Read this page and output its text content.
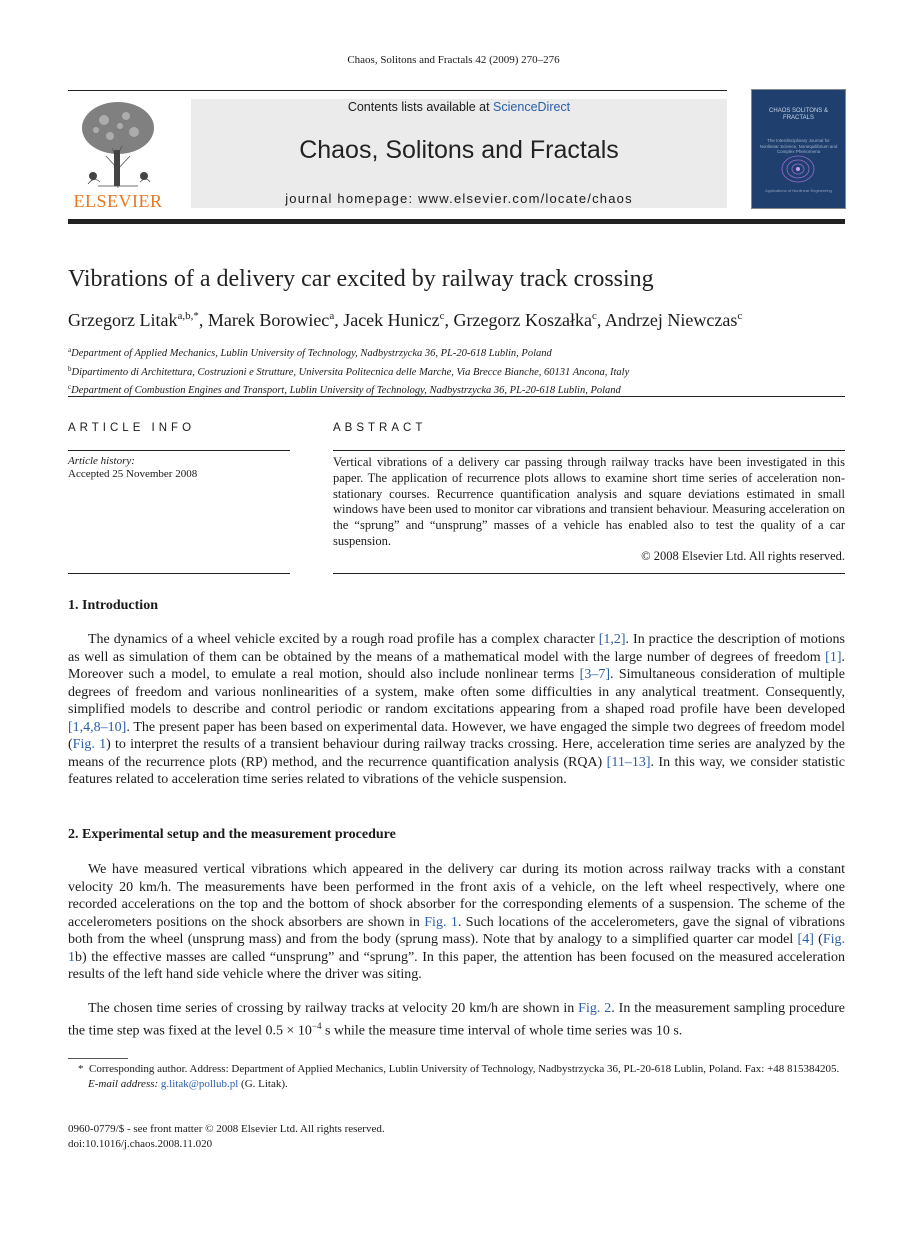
Chaos, Solitons and Fractals 42 (2009) 270–276
ELSEVIER
Contents lists available at ScienceDirect
Chaos, Solitons and Fractals
journal homepage: www.elsevier.com/locate/chaos
CHAOS SOLITONS & FRACTALS
The Interdisciplinary Journal for Nonlinear Science, Nonequilibrium and Complex Phenomena
Applications of Nonlinear Engineering
Vibrations of a delivery car excited by railway track crossing
Grzegorz Litak$^{a,b,*}$, Marek Borowiec$^a$, Jacek Hunicz$^c$, Grzegorz Koszałka$^c$, Andrzej Niewczas$^c$
$^a$Department of Applied Mechanics, Lublin University of Technology, Nadbystrzycka 36, PL-20-618 Lublin, Poland
$^b$Dipartimento di Architettura, Costruzioni e Strutture, Universita Politecnica delle Marche, Via Brecce Bianche, 60131 Ancona, Italy
$^c$Department of Combustion Engines and Transport, Lublin University of Technology, Nadbystrzycka 36, PL-20-618 Lublin, Poland
ARTICLE INFO
Article history:
Accepted 25 November 2008
ABSTRACT
Vertical vibrations of a delivery car passing through railway tracks have been investigated in this paper. The application of recurrence plots allows to examine short time series of acceleration non-stationary courses. Recurrence quantification analysis and square deviations estimated in small windows have been used to monitor car vibrations and transient behaviour. Measuring acceleration on the “sprung” and “unsprung” masses of a vehicle has enabled also to test the quality of a car suspension.
© 2008 Elsevier Ltd. All rights reserved.
1. Introduction
The dynamics of a wheel vehicle excited by a rough road profile has a complex character [1,2]. In practice the description of motions as well as simulation of them can be obtained by the means of a mathematical model with the large number of degrees of freedom [1]. Moreover such a model, to emulate a real motion, should also include nonlinear terms [3–7]. Simultaneous consideration of multiple degrees of freedom and various nonlinearities of a system, make often some difficulties in any analytical treatment. Consequently, simplified models to describe and control periodic or random excitations appearing from a shaped road profile have been developed [1,4,8–10]. The present paper has been based on experimental data. However, we have engaged the simple two degrees of freedom model (Fig. 1) to interpret the results of a transient behaviour during railway tracks crossing. Here, acceleration time series are analyzed by the means of the recurrence plots (RP) method, and the recurrence quantification analysis (RQA) [11–13]. In this way, we consider statistic features related to acceleration time series related to vibrations of the vehicle suspension.
2. Experimental setup and the measurement procedure
We have measured vertical vibrations which appeared in the delivery car during its motion across railway tracks with a constant velocity 20 km/h. The measurements have been performed in the front axis of a vehicle, on the left wheel respectively, where one recorded accelerations on the top and the bottom of shock absorber for the corresponding elements of a suspension. The scheme of the accelerometers positions on the shock absorbers are shown in Fig. 1. Such locations of the accelerometers, gave the signal of vibrations both from the wheel (unsprung mass) and from the body (sprung mass). Note that by analogy to a simplified quarter car model [4] (Fig. 1b) the effective masses are called “unsprung” and “sprung”. In this paper, the attention has been focused on the measured acceleration results of the left hand side vehicle where the driver was siting.
The chosen time series of crossing by railway tracks at velocity 20 km/h are shown in Fig. 2. In the measurement sampling procedure the time step was fixed at the level $0.5 \times 10^{-4}$ s while the measure time interval of whole time series was 10 s.
* Corresponding author. Address: Department of Applied Mechanics, Lublin University of Technology, Nadbystrzycka 36, PL-20-618 Lublin, Poland. Fax: +48 815384205.
E-mail address: g.litak@pollub.pl (G. Litak).
0960-0779/$ - see front matter © 2008 Elsevier Ltd. All rights reserved.
doi:10.1016/j.chaos.2008.11.020
